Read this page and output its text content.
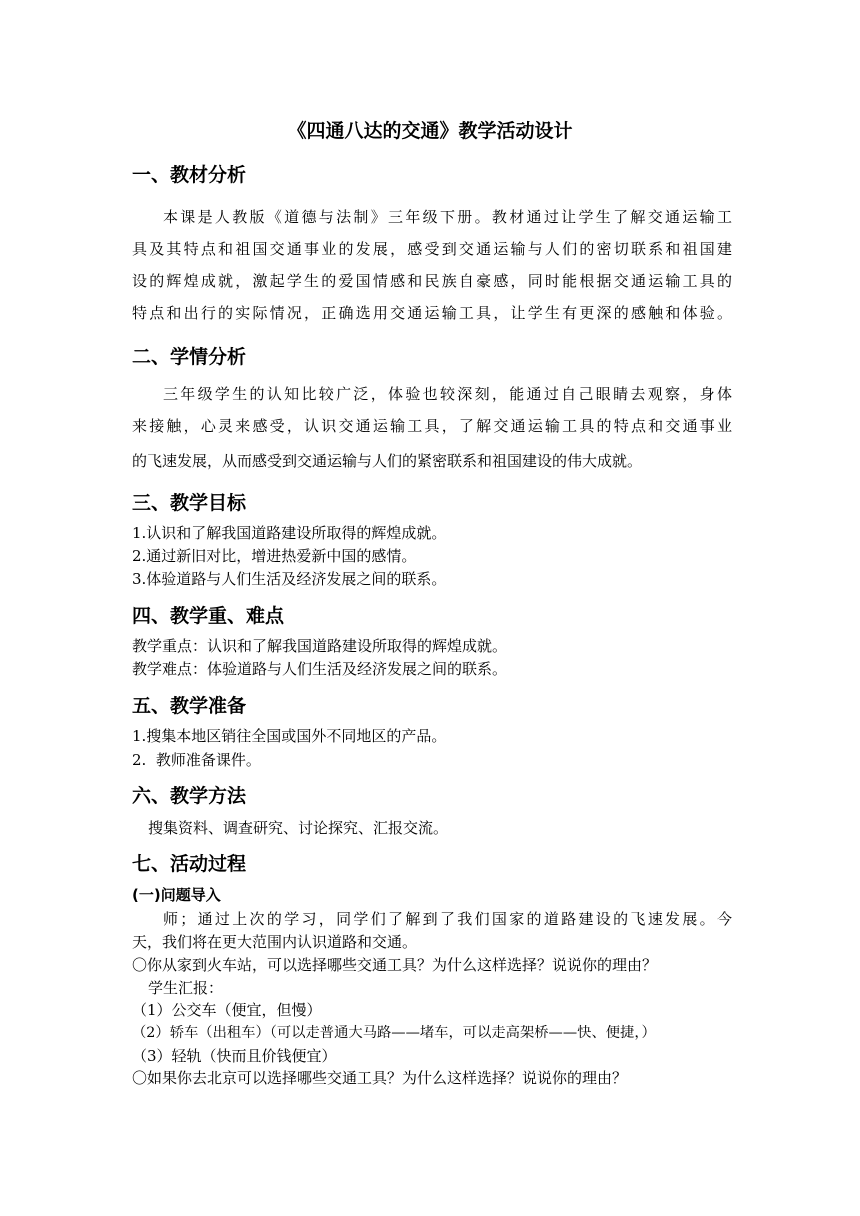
《四通八达的交通》教学活动设计
一、教材分析
本课是人教版《道德与法制》三年级下册。教材通过让学生了解交通运输工
具及其特点和祖国交通事业的发展，感受到交通运输与人们的密切联系和祖国建
设的辉煌成就，激起学生的爱国情感和民族自豪感，同时能根据交通运输工具的
特点和出行的实际情况，正确选用交通运输工具，让学生有更深的感触和体验。
二、学情分析
三年级学生的认知比较广泛，体验也较深刻，能通过自己眼睛去观察，身体
来接触，心灵来感受，认识交通运输工具，了解交通运输工具的特点和交通事业
的飞速发展，从而感受到交通运输与人们的紧密联系和祖国建设的伟大成就。
三、教学目标
1.认识和了解我国道路建设所取得的辉煌成就。
2.通过新旧对比，增进热爱新中国的感情。
3.体验道路与人们生活及经济发展之间的联系。
四、教学重、难点
教学重点：认识和了解我国道路建设所取得的辉煌成就。
教学难点：体验道路与人们生活及经济发展之间的联系。
五、教学准备
1.搜集本地区销往全国或国外不同地区的产品。
2.  教师准备课件。
六、教学方法
搜集资料、调查研究、讨论探究、汇报交流。
七、活动过程
(一)问题导入
师；通过上次的学习，同学们了解到了我们国家的道路建设的飞速发展。今
天，我们将在更大范围内认识道路和交通。
〇你从家到火车站，可以选择哪些交通工具？为什么这样选择？说说你的理由？
学生汇报：
（1）公交车（便宜，但慢）
（2）轿车（出租车）（可以走普通大马路——堵车，可以走高架桥——快、便捷，）
（3）轻轨（快而且价钱便宜）
〇如果你去北京可以选择哪些交通工具？为什么这样选择？说说你的理由？
